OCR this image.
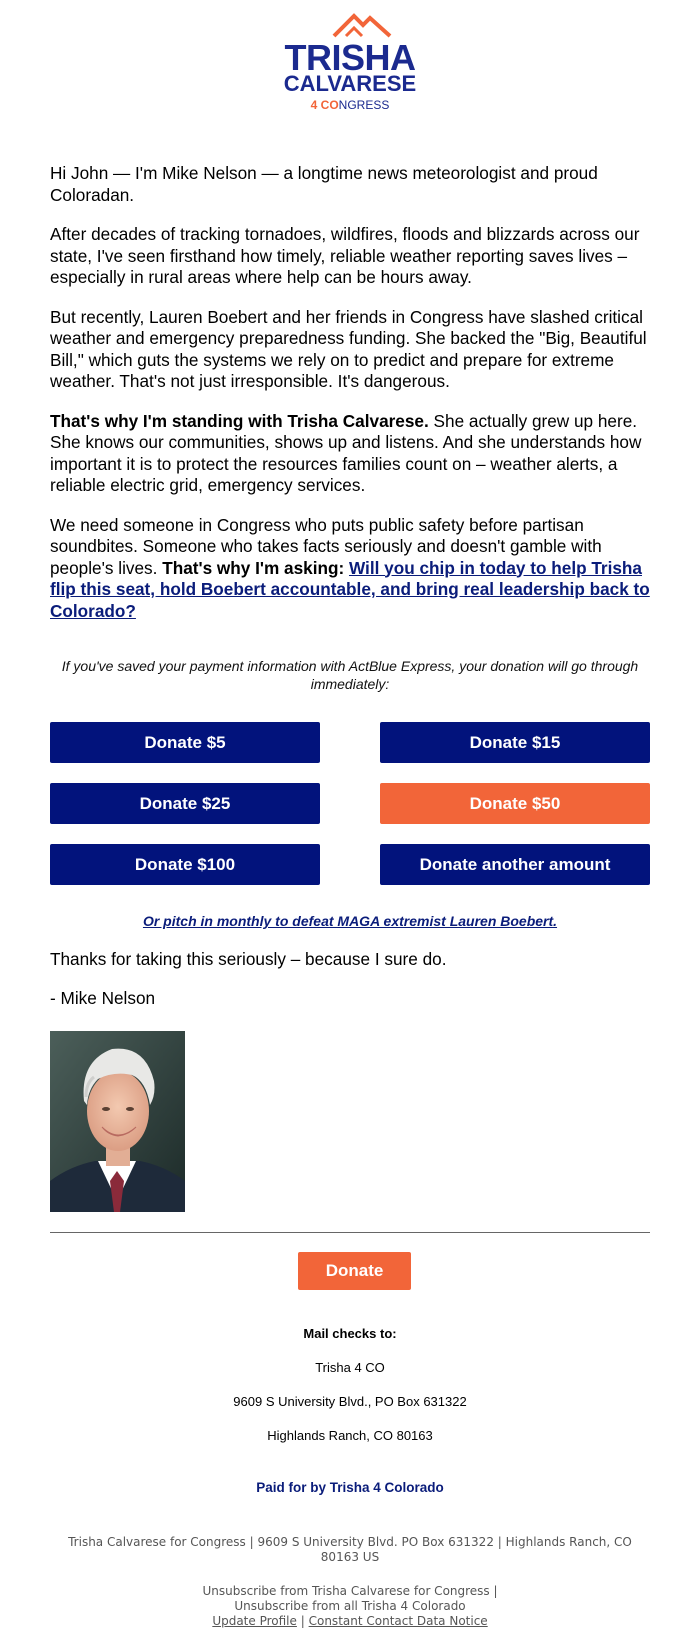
TRISHA
CALVARESE
4 CONGRESS

Hi John — I'm Mike Nelson — a longtime news meteorologist and proud Coloradan.

After decades of tracking tornadoes, wildfires, floods and blizzards across our state, I've seen firsthand how timely, reliable weather reporting saves lives – especially in rural areas where help can be hours away.

But recently, Lauren Boebert and her friends in Congress have slashed critical weather and emergency preparedness funding. She backed the "Big, Beautiful Bill," which guts the systems we rely on to predict and prepare for extreme weather. That's not just irresponsible. It's dangerous.

That's why I'm standing with Trisha Calvarese. She actually grew up here. She knows our communities, shows up and listens. And she understands how important it is to protect the resources families count on – weather alerts, a reliable electric grid, emergency services.

We need someone in Congress who puts public safety before partisan soundbites. Someone who takes facts seriously and doesn't gamble with people's lives. That's why I'm asking: Will you chip in today to help Trisha flip this seat, hold Boebert accountable, and bring real leadership back to Colorado?

If you've saved your payment information with ActBlue Express, your donation will go through immediately:
Donate $5	Donate $15
Donate $25	Donate $50
Donate $100	Donate another amount
Or pitch in monthly to defeat MAGA extremist Lauren Boebert.
Thanks for taking this seriously – because I sure do.
- Mike Nelson
Donate
Mail checks to:
Trisha 4 CO
9609 S University Blvd., PO Box 631322
Highlands Ranch, CO 80163
Paid for by Trisha 4 Colorado
Trisha Calvarese for Congress | 9609 S University Blvd. PO Box 631322 | Highlands Ranch, CO 80163 US
Unsubscribe from Trisha Calvarese for Congress |
Unsubscribe from all Trisha 4 Colorado
Update Profile | Constant Contact Data Notice
